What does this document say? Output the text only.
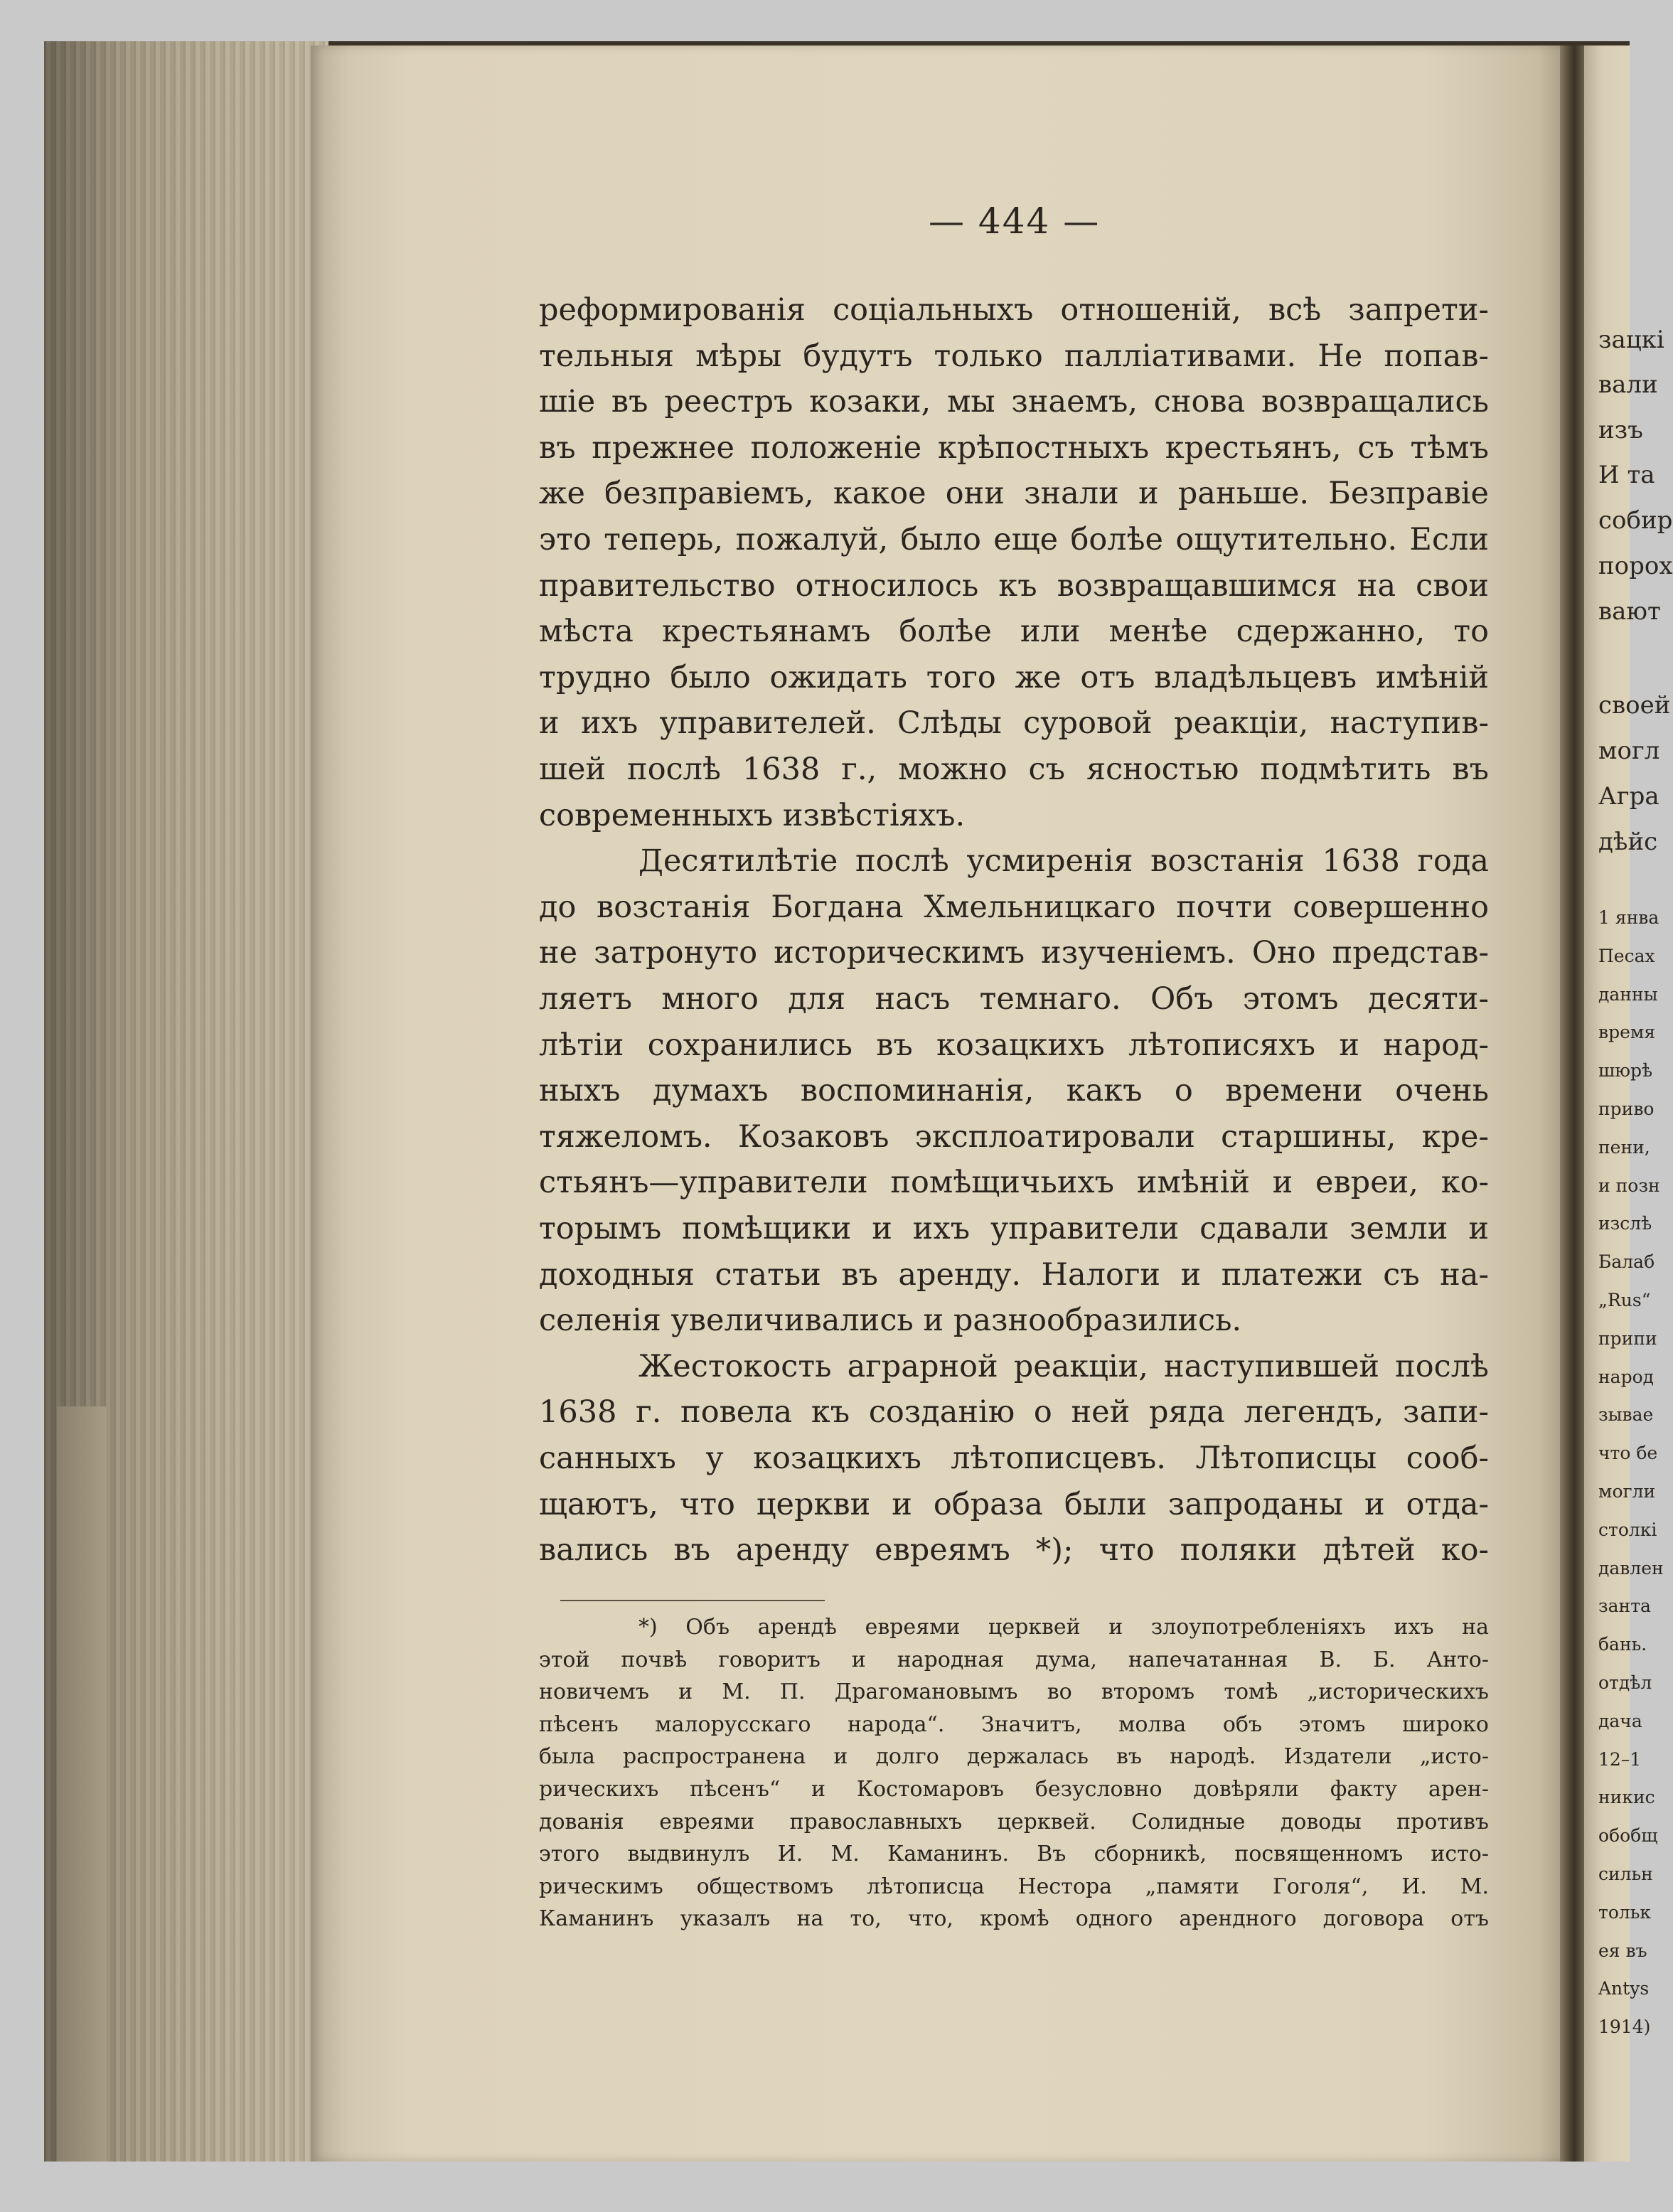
зацкі
вали
изъ
И та
собир
порох
вают
своей
могл
Агра
дѣйс
1 янва
Песах
данны
время
шюрѣ
приво
пени,
и позн
изслѣ
Балаб
„Rus“
припи
народ
зывае
что бе
могли
столкі
давлен
занта
бань.
отдѣл
дача
12–1
никис
обобщ
сильн
тольк
ея въ
Antys
1914)
— 444 —
реформированія соціальныхъ отношеній, всѣ запрети-
тельныя мѣры будутъ только палліативами. Не попав-
шіе въ реестръ козаки, мы знаемъ, снова возвращались
въ прежнее положеніе крѣпостныхъ крестьянъ, съ тѣмъ
же безправіемъ, какое они знали и раньше. Безправіе
это теперь, пожалуй, было еще болѣе ощутительно. Если
правительство относилось къ возвращавшимся на свои
мѣста крестьянамъ болѣе или менѣе сдержанно, то
трудно было ожидать того же отъ владѣльцевъ имѣній
и ихъ управителей. Слѣды суровой реакціи, наступив-
шей послѣ 1638 г., можно съ ясностью подмѣтить въ
современныхъ извѣстіяхъ.
Десятилѣтіе послѣ усмиренія возстанія 1638 года
до возстанія Богдана Хмельницкаго почти совершенно
не затронуто историческимъ изученіемъ. Оно представ-
ляетъ много для насъ темнаго. Объ этомъ десяти-
лѣтіи сохранились въ козацкихъ лѣтописяхъ и народ-
ныхъ думахъ воспоминанія, какъ о времени очень
тяжеломъ. Козаковъ эксплоатировали старшины, кре-
стьянъ—управители помѣщичьихъ имѣній и евреи, ко-
торымъ помѣщики и ихъ управители сдавали земли и
доходныя статьи въ аренду. Налоги и платежи съ на-
селенія увеличивались и разнообразились.
Жестокость аграрной реакціи, наступившей послѣ
1638 г. повела къ созданію о ней ряда легендъ, запи-
санныхъ у козацкихъ лѣтописцевъ. Лѣтописцы сооб-
щаютъ, что церкви и образа были запроданы и отда-
вались въ аренду евреямъ *); что поляки дѣтей ко-
*) Объ арендѣ евреями церквей и злоупотребленіяхъ ихъ на
этой почвѣ говоритъ и народная дума, напечатанная В. Б. Анто-
новичемъ и М. П. Драгомановымъ во второмъ томѣ „историческихъ
пѣсенъ малорусскаго народа“. Значитъ, молва объ этомъ широко
была распространена и долго держалась въ народѣ. Издатели „исто-
рическихъ пѣсенъ“ и Костомаровъ безусловно довѣряли факту арен-
дованія евреями православныхъ церквей. Солидные доводы противъ
этого выдвинулъ И. М. Каманинъ. Въ сборникѣ, посвященномъ исто-
рическимъ обществомъ лѣтописца Нестора „памяти Гоголя“, И. М.
Каманинъ указалъ на то, что, кромѣ одного арендного договора отъ
